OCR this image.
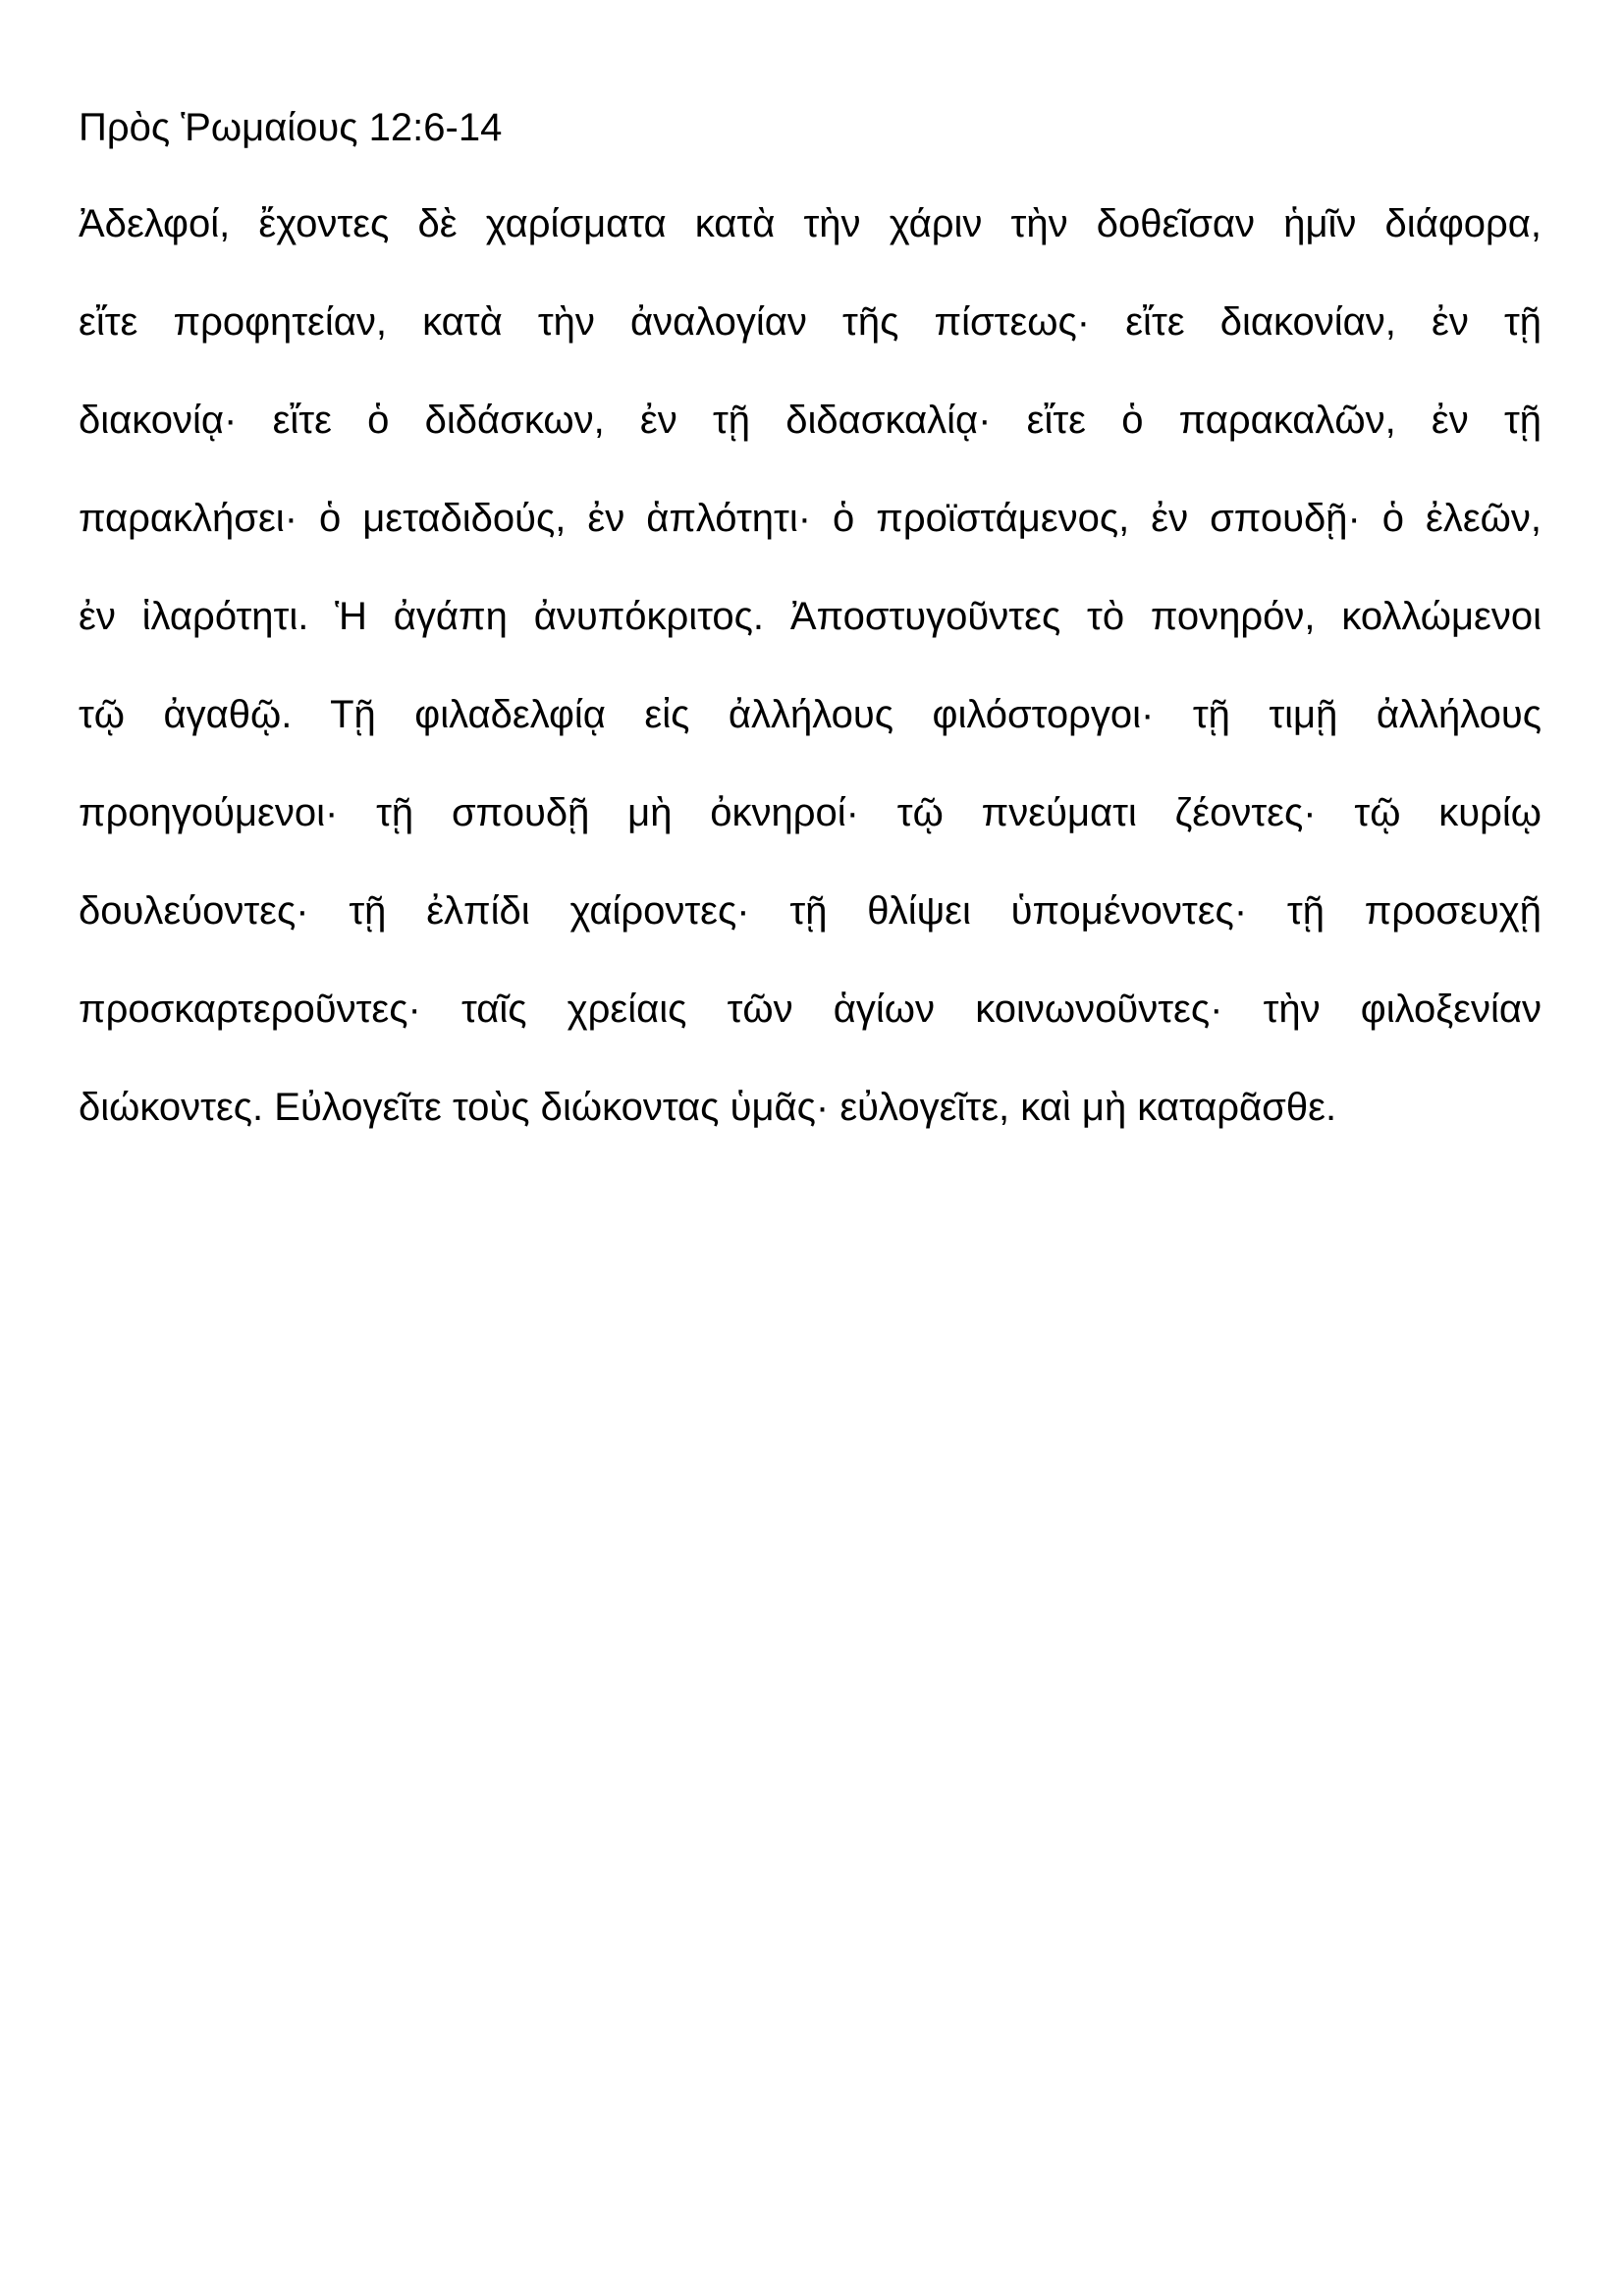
Πρὸς Ῥωμαίους 12:6-14
Ἀδελφοί, ἔχοντες δὲ χαρίσματα κατὰ τὴν χάριν τὴν δοθεῖσαν ἡμῖν διάφορα,
εἴτε προφητείαν, κατὰ τὴν ἀναλογίαν τῆς πίστεως· εἴτε διακονίαν, ἐν τῇ
διακονίᾳ· εἴτε ὁ διδάσκων, ἐν τῇ διδασκαλίᾳ· εἴτε ὁ παρακαλῶν, ἐν τῇ
παρακλήσει· ὁ μεταδιδούς, ἐν ἁπλότητι· ὁ προϊστάμενος, ἐν σπουδῇ· ὁ ἐλεῶν,
ἐν ἱλαρότητι. Ἡ ἀγάπη ἀνυπόκριτος. Ἀποστυγοῦντες τὸ πονηρόν, κολλώμενοι
τῷ ἀγαθῷ. Τῇ φιλαδελφίᾳ εἰς ἀλλήλους φιλόστοργοι· τῇ τιμῇ ἀλλήλους
προηγούμενοι· τῇ σπουδῇ μὴ ὀκνηροί· τῷ πνεύματι ζέοντες· τῷ κυρίῳ
δουλεύοντες· τῇ ἐλπίδι χαίροντες· τῇ θλίψει ὑπομένοντες· τῇ προσευχῇ
προσκαρτεροῦντες· ταῖς χρείαις τῶν ἁγίων κοινωνοῦντες· τὴν φιλοξενίαν
διώκοντες. Εὐλογεῖτε τοὺς διώκοντας ὑμᾶς· εὐλογεῖτε, καὶ μὴ καταρᾶσθε.
